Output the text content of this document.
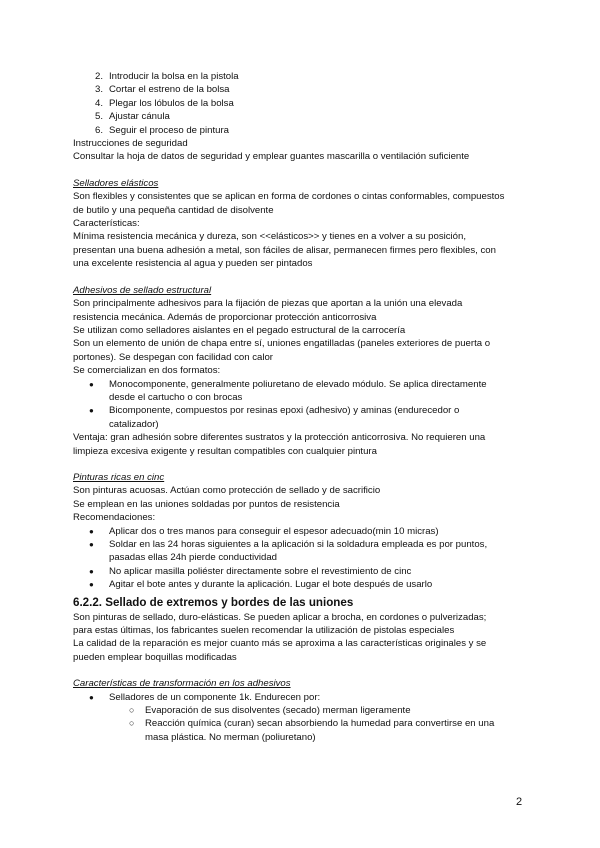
2. Introducir la bolsa en la pistola
3. Cortar el estreno de la bolsa
4. Plegar los lóbulos de la bolsa
5. Ajustar cánula
6. Seguir el proceso de pintura

Instrucciones de seguridad

Consultar la hoja de datos de seguridad y emplear guantes mascarilla o ventilación suficiente

Selladores elásticos

Son flexibles y consistentes que se aplican en forma de cordones o cintas conformables, compuestos

de butilo y una pequeña cantidad de disolvente

Características:

Mínima resistencia mecánica y dureza, son <<elásticos>> y tienes en a volver a su posición,

presentan una buena adhesión a metal, son fáciles de alisar, permanecen firmes pero flexibles, con

una excelente resistencia al agua y pueden ser pintados

Adhesivos de sellado estructural

Son principalmente adhesivos para la fijación de piezas que aportan a la unión una elevada

resistencia mecánica. Además de proporcionar protección anticorrosiva

Se utilizan como selladores aislantes en el pegado estructural de la carrocería

Son un elemento de unión de chapa entre sí, uniones engatilladas (paneles exteriores de puerta o

portones). Se despegan con facilidad con calor

Se comercializan en dos formatos:

● Monocomponente, generalmente poliuretano de elevado módulo. Se aplica directamente
desde el cartucho o con brocas
● Bicomponente, compuestos por resinas epoxi (adhesivo) y aminas (endurecedor o
catalizador)

Ventaja: gran adhesión sobre diferentes sustratos y la protección anticorrosiva. No requieren una

limpieza excesiva exigente y resultan compatibles con cualquier pintura

Pinturas ricas en cinc

Son pinturas acuosas. Actúan como protección de sellado y de sacrificio

Se emplean en las uniones soldadas por puntos de resistencia

Recomendaciones:

● Aplicar dos o tres manos para conseguir el espesor adecuado(min 10 micras)
● Soldar en las 24 horas siguientes a la aplicación si la soldadura empleada es por puntos,
pasadas ellas 24h pierde conductividad
● No aplicar masilla poliéster directamente sobre el revestimiento de cinc
● Agitar el bote antes y durante la aplicación. Lugar el bote después de usarlo

6.2.2. Sellado de extremos y bordes de las uniones

Son pinturas de sellado, duro-elásticas. Se pueden aplicar a brocha, en cordones o pulverizadas;

para estas últimas, los fabricantes suelen recomendar la utilización de pistolas especiales

La calidad de la reparación es mejor cuanto más se aproxima a las características originales y se

pueden emplear boquillas modificadas

Características de transformación en los adhesivos

● Selladores de un componente 1k. Endurecen por:
○ Evaporación de sus disolventes (secado) merman ligeramente
○ Reacción química (curan) secan absorbiendo la humedad para convertirse en una
masa plástica. No merman (poliuretano)
2
